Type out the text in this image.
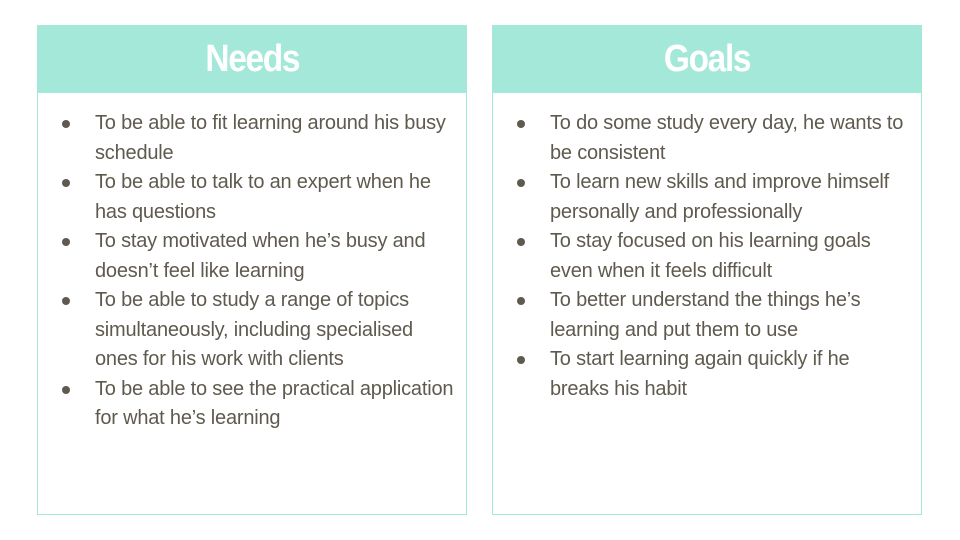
Needs
To be able to fit learning around his busy schedule
To be able to talk to an expert when he has questions
To stay motivated when he’s busy and doesn’t feel like learning
To be able to study a range of topics simultaneously, including specialised ones for his work with clients
To be able to see the practical application for what he’s learning
Goals
To do some study every day, he wants to be consistent
To learn new skills and improve himself personally and professionally
To stay focused on his learning goals even when it feels difficult
To better understand the things he’s learning and put them to use
To start learning again quickly if he breaks his habit
